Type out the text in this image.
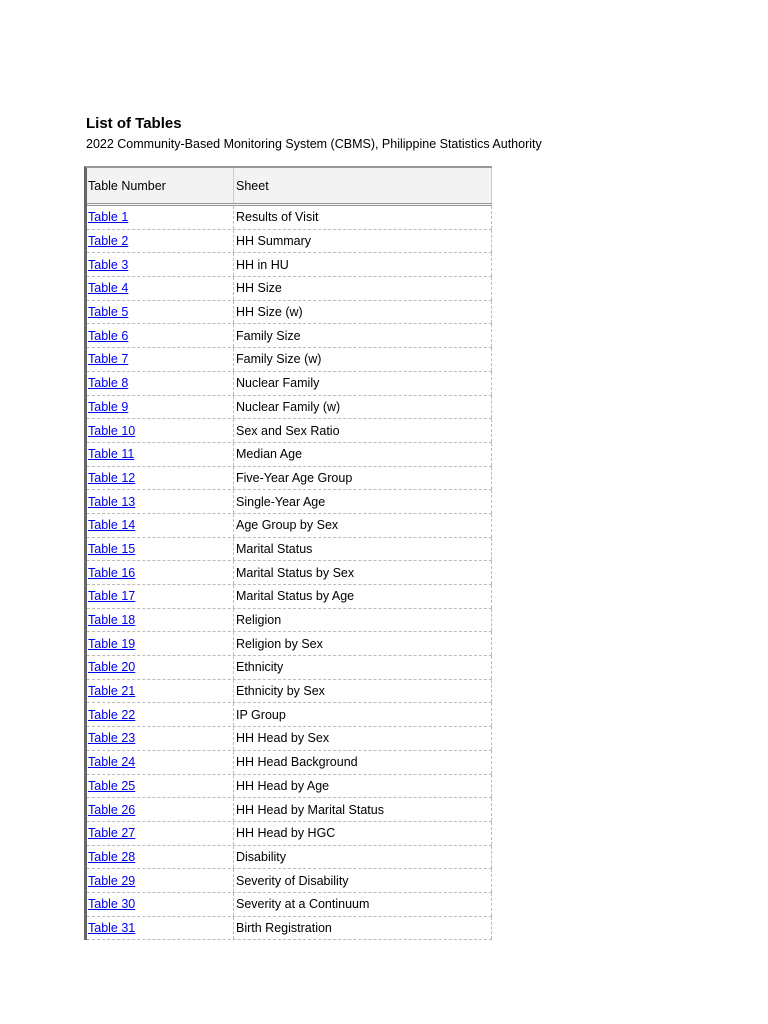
List of Tables
2022 Community-Based Monitoring System (CBMS), Philippine Statistics Authority
Table Number	Sheet
Table 1	Results of Visit
Table 2	HH Summary
Table 3	HH in HU
Table 4	HH Size
Table 5	HH Size (w)
Table 6	Family Size
Table 7	Family Size (w)
Table 8	Nuclear Family
Table 9	Nuclear Family (w)
Table 10	Sex and Sex Ratio
Table 11	Median Age
Table 12	Five-Year Age Group
Table 13	Single-Year Age
Table 14	Age Group by Sex
Table 15	Marital Status
Table 16	Marital Status by Sex
Table 17	Marital Status by Age
Table 18	Religion
Table 19	Religion by Sex
Table 20	Ethnicity
Table 21	Ethnicity by Sex
Table 22	IP Group
Table 23	HH Head by Sex
Table 24	HH Head Background
Table 25	HH Head by Age
Table 26	HH Head by Marital Status
Table 27	HH Head by HGC
Table 28	Disability
Table 29	Severity of Disability
Table 30	Severity at a Continuum
Table 31	Birth Registration
